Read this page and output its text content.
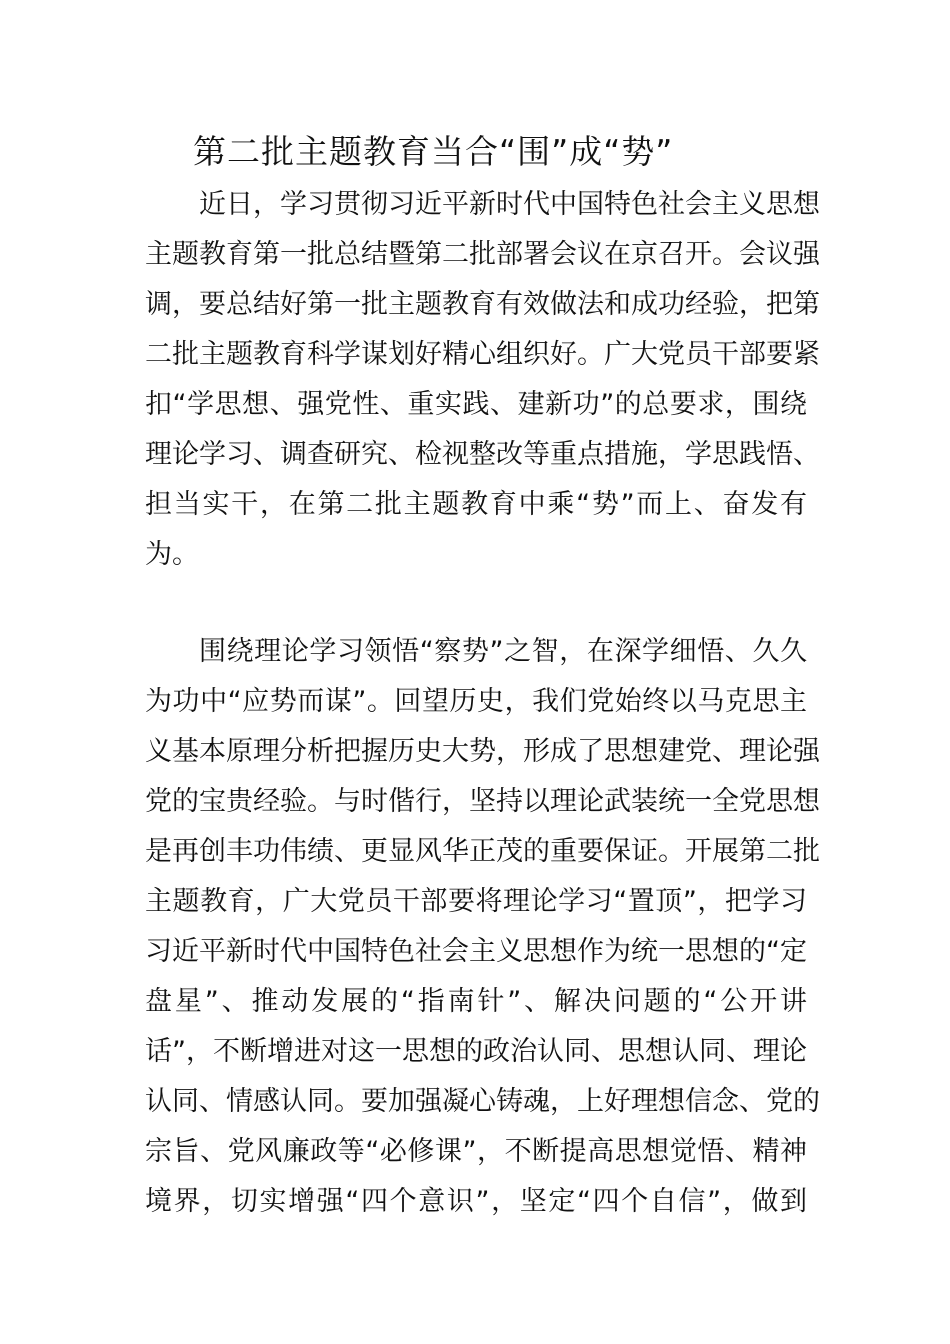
第二批主题教育当合“围”成“势”
近日，学习贯彻习近平新时代中国特色社会主义思想
主题教育第一批总结暨第二批部署会议在京召开。会议强
调，要总结好第一批主题教育有效做法和成功经验，把第
二批主题教育科学谋划好精心组织好。广大党员干部要紧
扣“学思想、强党性、重实践、建新功”的总要求，围绕
理论学习、调查研究、检视整改等重点措施，学思践悟、
担当实干，在第二批主题教育中乘“势”而上、奋发有
为。
围绕理论学习领悟“察势”之智，在深学细悟、久久
为功中“应势而谋”。回望历史，我们党始终以马克思主
义基本原理分析把握历史大势，形成了思想建党、理论强
党的宝贵经验。与时偕行，坚持以理论武装统一全党思想
是再创丰功伟绩、更显风华正茂的重要保证。开展第二批
主题教育，广大党员干部要将理论学习“置顶”，把学习
习近平新时代中国特色社会主义思想作为统一思想的“定
盘星”、推动发展的“指南针”、解决问题的“公开讲
话”，不断增进对这一思想的政治认同、思想认同、理论
认同、情感认同。要加强凝心铸魂，上好理想信念、党的
宗旨、党风廉政等“必修课”，不断提高思想觉悟、精神
境界，切实增强“四个意识”，坚定“四个自信”，做到
